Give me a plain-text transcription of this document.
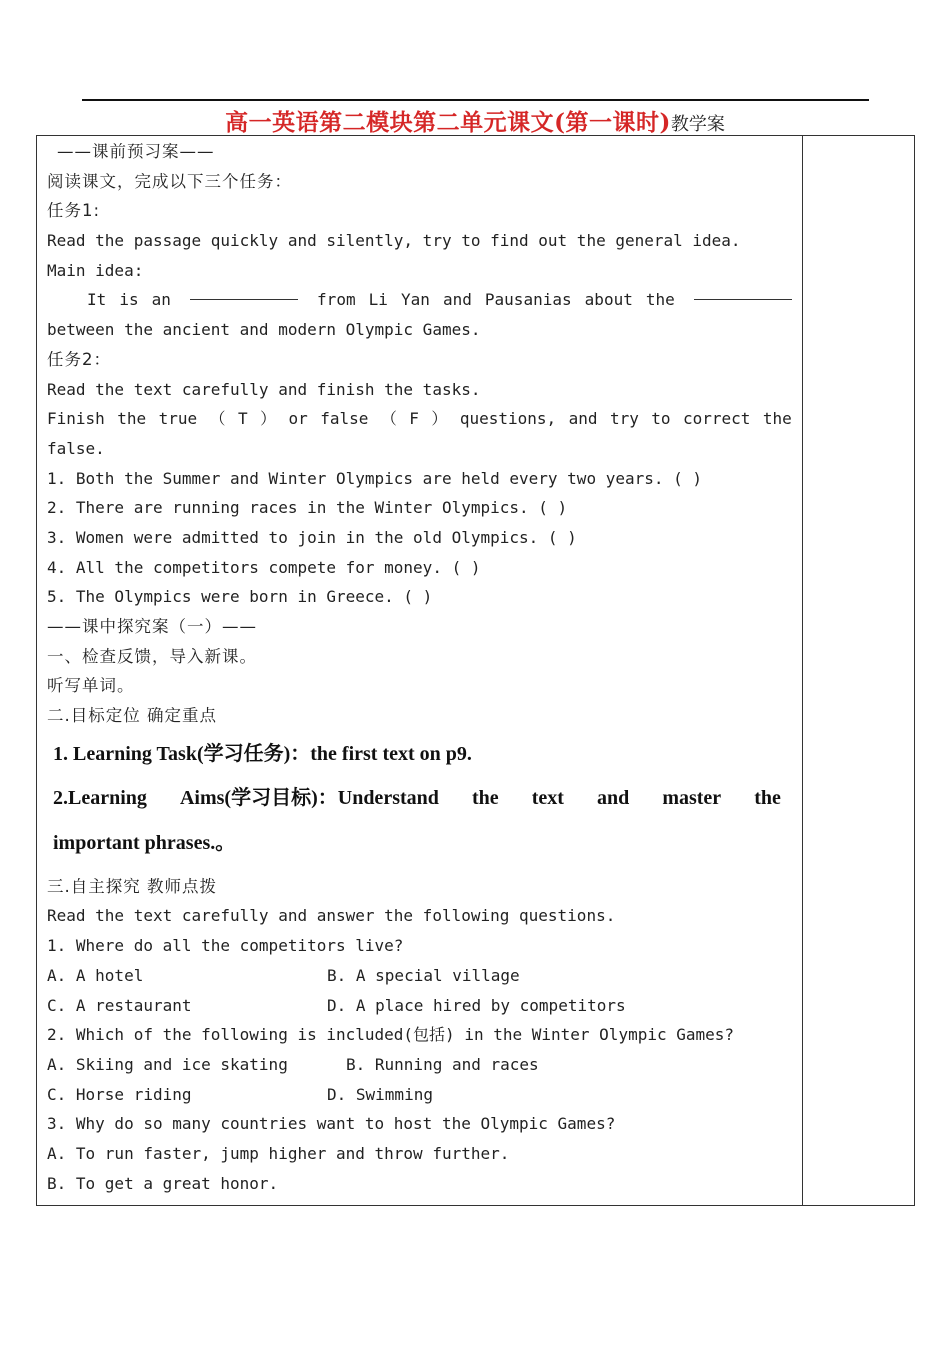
高一英语第二模块第二单元课文(第一课时)教学案
——课前预习案——
阅读课文，完成以下三个任务：
任务1:
Read the passage quickly and silently, try to find out the general idea.
Main idea:
It is an	from Li Yan and Pausanias about the
between the ancient and modern Olympic Games.
任务2：
Read the text carefully and finish the tasks.
Finish the true （ T ） or false （ F ） questions, and try to correct the
false.
1. Both the Summer and Winter Olympics are held every two years. ( )
2. There are running races in the Winter Olympics. ( )
3. Women were admitted to join in the old Olympics. ( )
4. All the competitors compete for money. ( )
5. The Olympics were born in Greece. ( )
——课中探究案（一）——
一、检查反馈，导入新课。
听写单词。
二.目标定位 确定重点
1. Learning Task(学习任务)：the first text on p9.
2.Learning Aims(学习目标)：Understand the text and master the
important phrases.。
三.自主探究 教师点拨
Read the text carefully and answer the following questions.
1. Where do all the competitors live?
A. A hotel	B. A special village
C. A restaurant	D. A place hired by competitors
2. Which of the following is included(包括) in the Winter Olympic Games?
A. Skiing and ice skating	B. Running and races
C. Horse riding	D. Swimming
3. Why do so many countries want to host the Olympic Games?
A. To run faster, jump higher and throw further.
B. To get a great honor.
